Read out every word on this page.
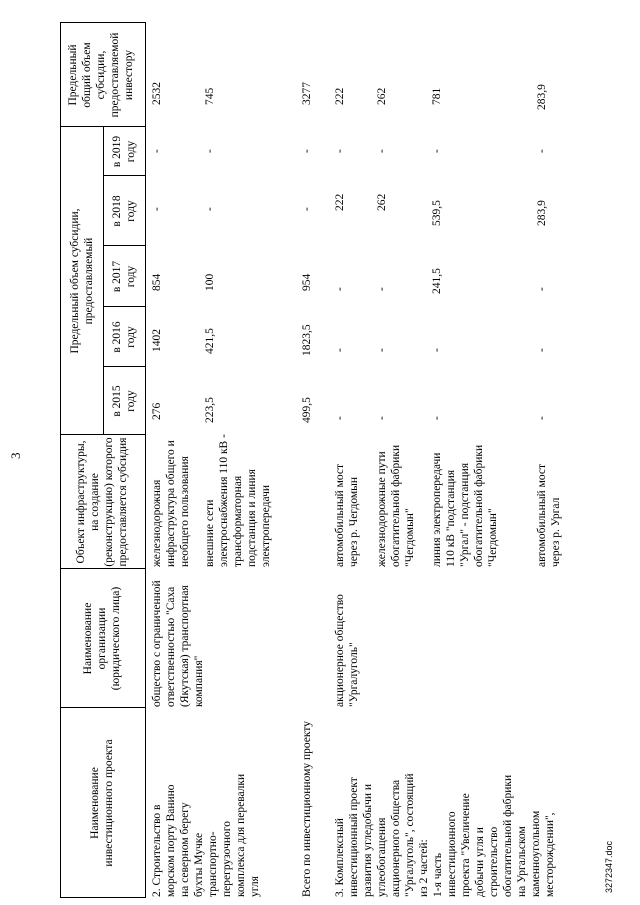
3
Наименование
инвестиционного проекта
Наименование
организации
(юридического лица)
Объект инфраструктуры,
на создание
(реконструкцию) которого
предоставляется субсидия
Предельный объем субсидии,
предоставляемый
в 2015
году
в 2016
году
в 2017
году
в 2018
году
в 2019
году
Предельный
общий объем
субсидии,
предоставляемой
инвестору
2. Строительство в
морском порту Ванино
на северном берегу
бухты Мучке
транспортно-
перегрузочного
комплекса для перевалки
угля
общество с ограниченной
ответственностью "Саха
(Якутская) транспортная
компания"
железнодорожная
инфраструктура общего и
необщего пользования
276
1402
854
-
-
2532
внешние сети
электроснабжения 110 кВ -
трансформаторная
подстанция и линия
электропередачи
223,5
421,5
100
-
-
745
Всего по инвестиционному проекту
499,5
1823,5
954
-
-
3277
3. Комплексный
инвестиционный проект
развития угледобычи и
углеобогащения
акционерного общества
"Ургалуголь", состоящий
из 2 частей:
1-я часть
инвестиционного
проекта "Увеличение
добычи угля и
строительство
обогатительной фабрики
на Ургальском
каменноугольном
месторождении",
акционерное общество
"Ургалуголь"
автомобильный мост
через р. Чегдомын
-
-
-
222
-
222
железнодорожные пути
обогатительной фабрики
"Чегдомын"
-
-
-
262
-
262
линия электропередачи
110 кВ "подстанция
"Ургал" - подстанция
обогатительной фабрики
"Чегдомын"
-
-
241,5
539,5
-
781
автомобильный мост
через р. Ургал
-
-
-
283,9
-
283,9
3272347.doc
